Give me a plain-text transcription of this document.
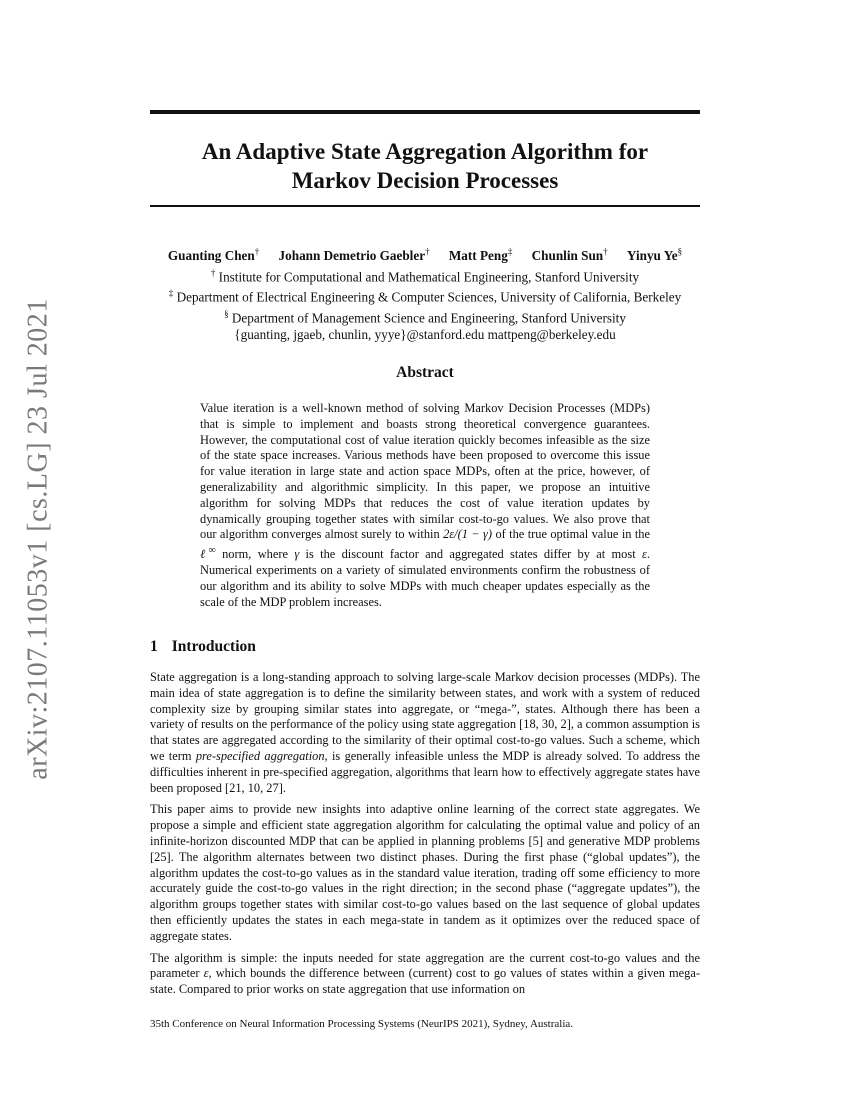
arXiv:2107.11053v1 [cs.LG] 23 Jul 2021
An Adaptive State Aggregation Algorithm for
Markov Decision Processes
Guanting Chen† Johann Demetrio Gaebler† Matt Peng‡ Chunlin Sun† Yinyu Ye§
† Institute for Computational and Mathematical Engineering, Stanford University
‡ Department of Electrical Engineering & Computer Sciences, University of California, Berkeley
§ Department of Management Science and Engineering, Stanford University
{guanting, jgaeb, chunlin, yyye}@stanford.edu mattpeng@berkeley.edu
Abstract

Value iteration is a well-known method of solving Markov Decision Processes (MDPs) that is simple to implement and boasts strong theoretical convergence guarantees. However, the computational cost of value iteration quickly becomes infeasible as the size of the state space increases. Various methods have been proposed to overcome this issue for value iteration in large state and action space MDPs, often at the price, however, of generalizability and algorithmic simplicity. In this paper, we propose an intuitive algorithm for solving MDPs that reduces the cost of value iteration updates by dynamically grouping together states with similar cost-to-go values. We also prove that our algorithm converges almost surely to within 2ε/(1 − γ) of the true optimal value in the ℓ∞ norm, where γ is the discount factor and aggregated states differ by at most ε. Numerical experiments on a variety of simulated environments confirm the robustness of our algorithm and its ability to solve MDPs with much cheaper updates especially as the scale of the MDP problem increases.

1 Introduction

State aggregation is a long-standing approach to solving large-scale Markov decision processes (MDPs). The main idea of state aggregation is to define the similarity between states, and work with a system of reduced complexity size by grouping similar states into aggregate, or “mega-”, states. Although there has been a variety of results on the performance of the policy using state aggregation [18, 30, 2], a common assumption is that states are aggregated according to the similarity of their optimal cost-to-go values. Such a scheme, which we term pre-specified aggregation, is generally infeasible unless the MDP is already solved. To address the difficulties inherent in pre-specified aggregation, algorithms that learn how to effectively aggregate states have been proposed [21, 10, 27].

This paper aims to provide new insights into adaptive online learning of the correct state aggregates. We propose a simple and efficient state aggregation algorithm for calculating the optimal value and policy of an infinite-horizon discounted MDP that can be applied in planning problems [5] and generative MDP problems [25]. The algorithm alternates between two distinct phases. During the first phase (“global updates”), the algorithm updates the cost-to-go values as in the standard value iteration, trading off some efficiency to more accurately guide the cost-to-go values in the right direction; in the second phase (“aggregate updates”), the algorithm groups together states with similar cost-to-go values based on the last sequence of global updates then efficiently updates the states in each mega-state in tandem as it optimizes over the reduced space of aggregate states.

The algorithm is simple: the inputs needed for state aggregation are the current cost-to-go values and the parameter ε, which bounds the difference between (current) cost to go values of states within a given mega-state. Compared to prior works on state aggregation that use information on

35th Conference on Neural Information Processing Systems (NeurIPS 2021), Sydney, Australia.
